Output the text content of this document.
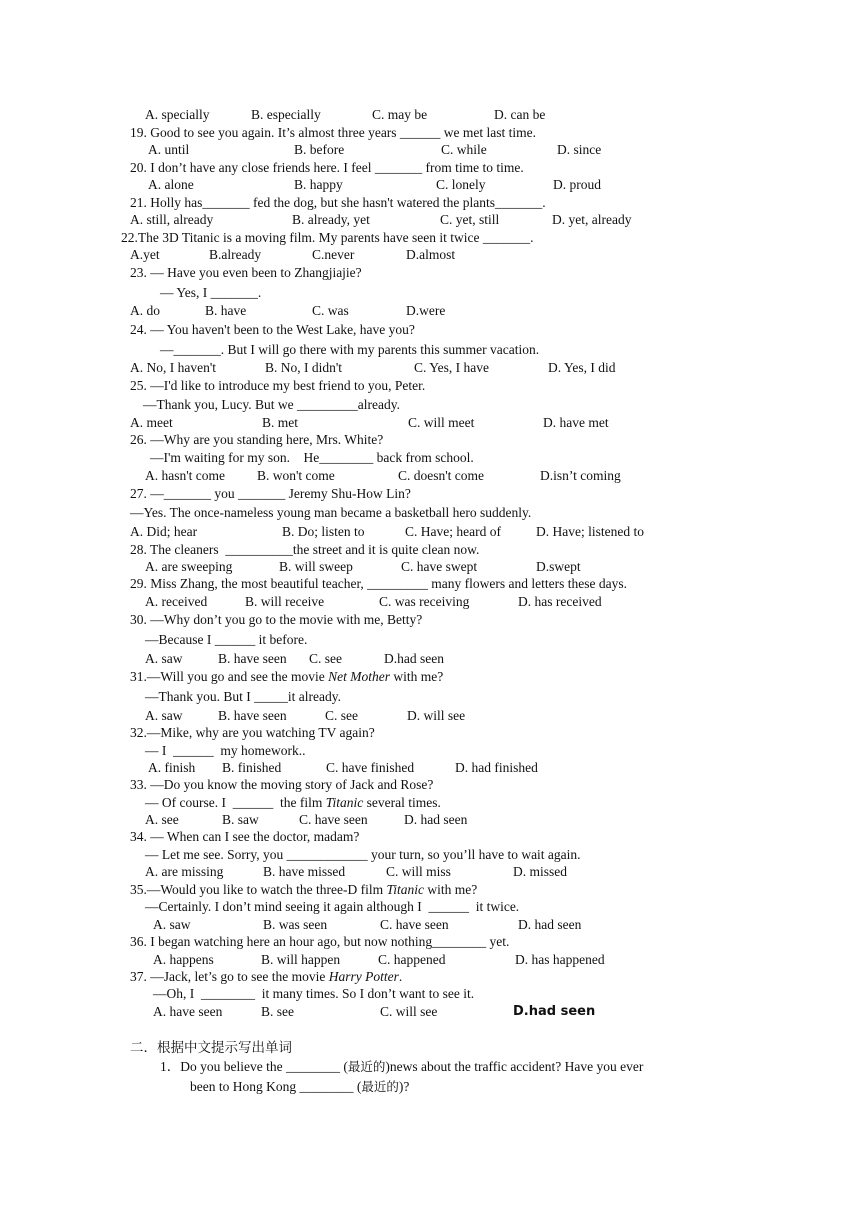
A. specially	B. especially	C. may be	D. can be
19. Good to see you again. It’s almost three years ______ we met last time.
A. until	B. before	C. while	D. since
20. I don’t have any close friends here. I feel _______ from time to time.
A. alone	B. happy	C. lonely	D. proud
21. Holly has_______ fed the dog, but she hasn't watered the plants_______.
A. still, already	B. already, yet	C. yet, still	D. yet, already
22.The 3D Titanic is a moving film. My parents have seen it twice _______.
A.yet	B.already	C.never	D.almost
23. — Have you even been to Zhangjiajie?
— Yes, I _______.
A. do	B. have	C. was	D.were
24. — You haven't been to the West Lake, have you?
—_______. But I will go there with my parents this summer vacation.
A. No, I haven't	B. No, I didn't	C. Yes, I have	D. Yes, I did
25. —I'd like to introduce my best friend to you, Peter.
—Thank you, Lucy. But we _________already.
A. meet	B. met	C. will meet	D. have met
26. —Why are you standing here, Mrs. White?
—I'm waiting for my son.    He________ back from school.
A. hasn't come B. won't come	C. doesn't come	D.isn’t coming
27. —_______ you _______ Jeremy Shu-How Lin?
—Yes. The once-nameless young man became a basketball hero suddenly.
A. Did; hear	B. Do; listen to	C. Have; heard of	D. Have; listened to
28. The cleaners  __________the street and it is quite clean now.
A. are sweeping	B. will sweep	C. have swept	D.swept
29. Miss Zhang, the most beautiful teacher, _________ many flowers and letters these days.
A. received	B. will receive	C. was receiving	D. has received
30. —Why don’t you go to the movie with me, Betty?
—Because I ______ it before.
A. saw	B. have seen C. see	D.had seen
31.—Will you go and see the movie Net Mother with me?
—Thank you. But I _____it already.
A. saw	B. have seen	C. see	D. will see
32.—Mike, why are you watching TV again?
— I  ______  my homework..
A. finish B. finished	C. have finished	D. had finished
33. —Do you know the moving story of Jack and Rose?
— Of course. I  ______  the film Titanic several times.
A. see	B. saw	C. have seen	D. had seen
34. — When can I see the doctor, madam?
— Let me see. Sorry, you ____________ your turn, so you’ll have to wait again.
A. are missing	B. have missed	C. will miss	D. missed
35.—Would you like to watch the three-D film Titanic with me?
—Certainly. I don’t mind seeing it again although I  ______  it twice.
A. saw	B. was seen	C. have seen	D. had seen
36. I began watching here an hour ago, but now nothing________ yet.
A. happens	B. will happen	C. happened	D. has happened
37. —Jack, let’s go to see the movie Harry Potter.
—Oh, I  ________  it many times. So I don’t want to see it.
A. have seen	B. see	C. will see	D.had seen
二．根据中文提示写出单词
1．Do you believe the ________ (最近的)news about the traffic accident? Have you ever
been to Hong Kong ________ (最近的)?
